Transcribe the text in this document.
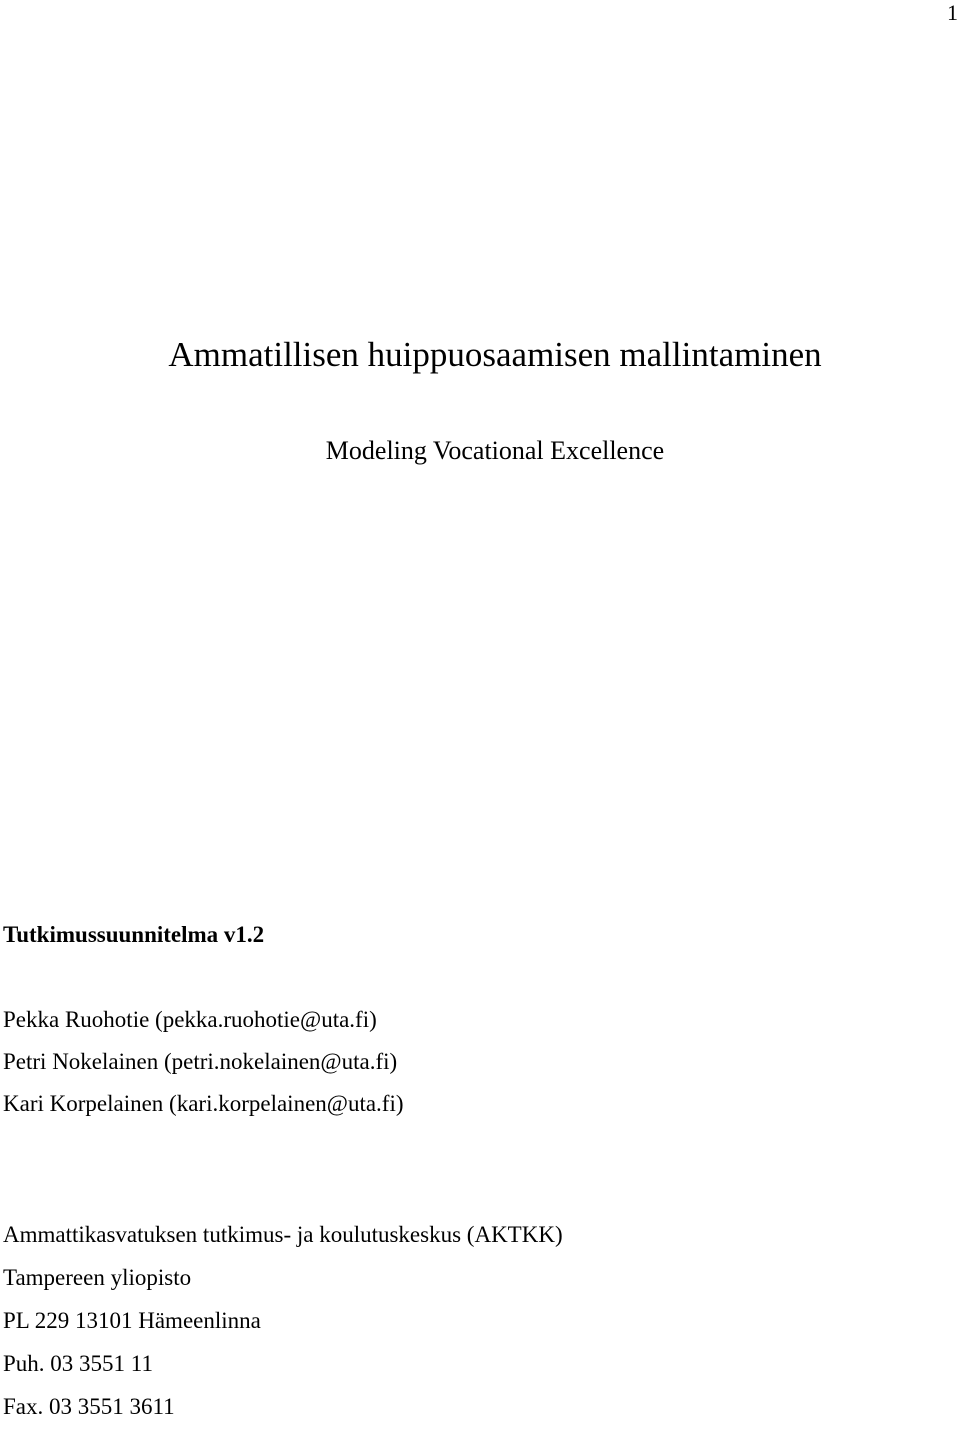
1
Ammatillisen huippuosaamisen mallintaminen
Modeling Vocational Excellence
Tutkimussuunnitelma v1.2
Pekka Ruohotie (pekka.ruohotie@uta.fi)
Petri Nokelainen (petri.nokelainen@uta.fi)
Kari Korpelainen (kari.korpelainen@uta.fi)
Ammattikasvatuksen tutkimus- ja koulutuskeskus (AKTKK)
Tampereen yliopisto
PL 229 13101 Hämeenlinna
Puh. 03 3551 11
Fax. 03 3551 3611
